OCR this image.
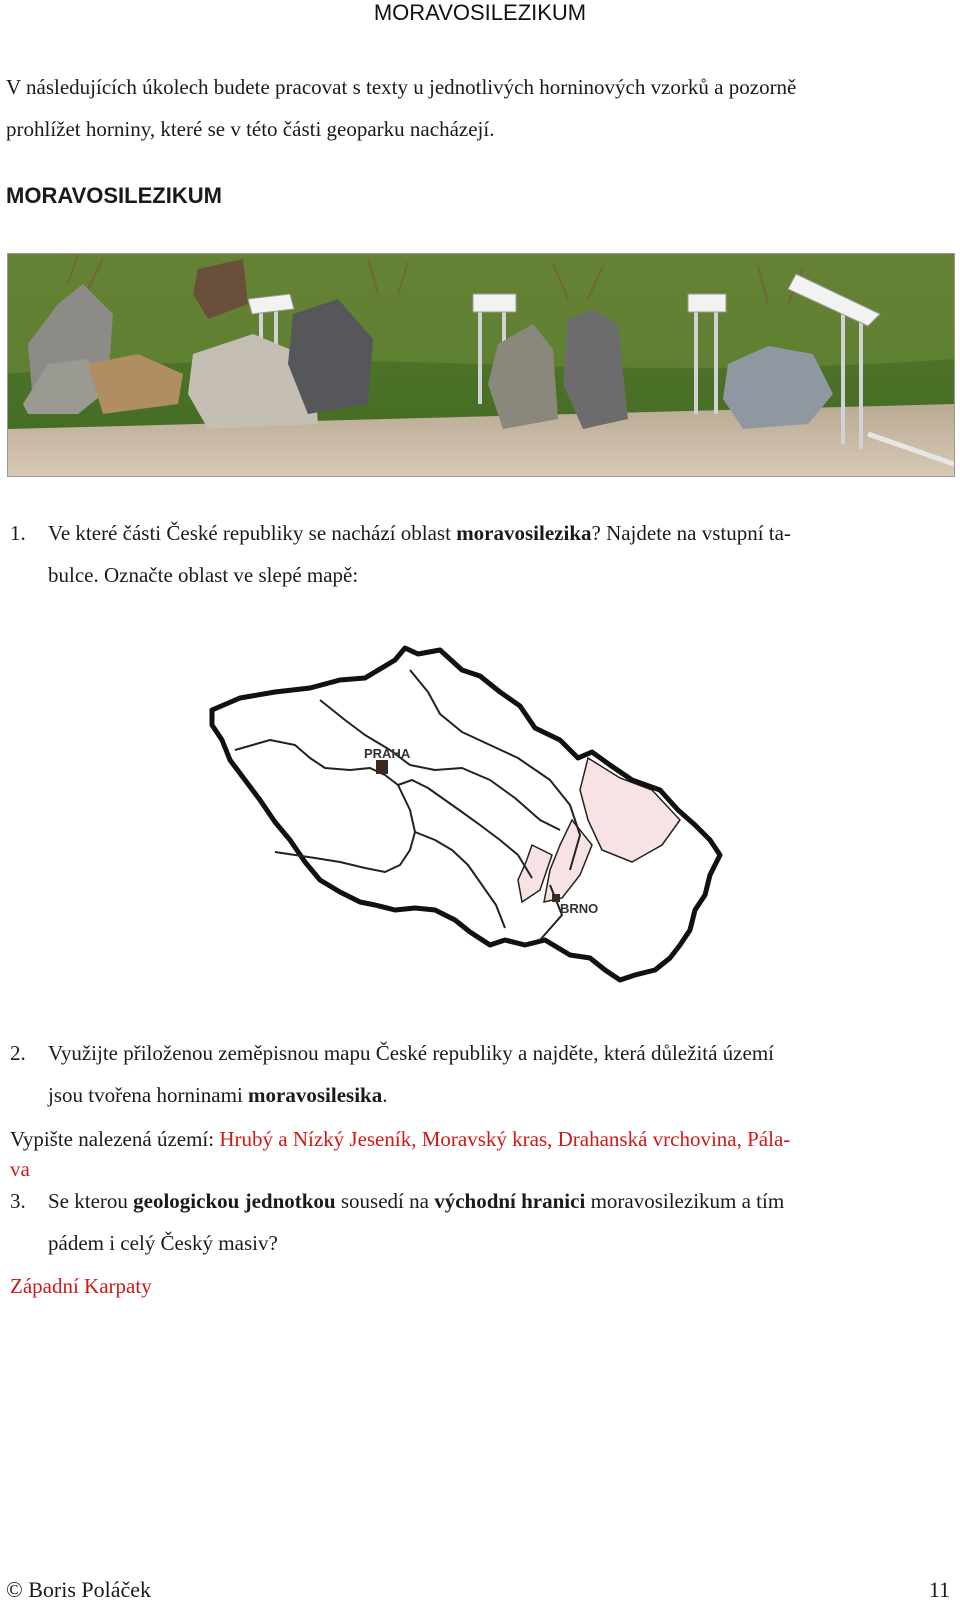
MORAVOSILEZIKUM
V následujících úkolech budete pracovat s texty u jednotlivých horninových vzorků a pozorně
prohlížet horniny, které se v této části geoparku nacházejí.
MORAVOSILEZIKUM
1. Ve které části České republiky se nachází oblast moravosilezika? Najdete na vstupní ta-
bulce. Označte oblast ve slepé mapě:
PRAHA
BRNO
2. Využijte přiloženou zeměpisnou mapu České republiky a najděte, která důležitá území
jsou tvořena horninami moravosilesika.
Vypište nalezená území: Hrubý a Nízký Jeseník, Moravský kras, Drahanská vrchovina, Pála-
va
3. Se kterou geologickou jednotkou sousedí na východní hranici moravosilezikum a tím
pádem i celý Český masiv?
Západní Karpaty
© Boris Poláček	11
